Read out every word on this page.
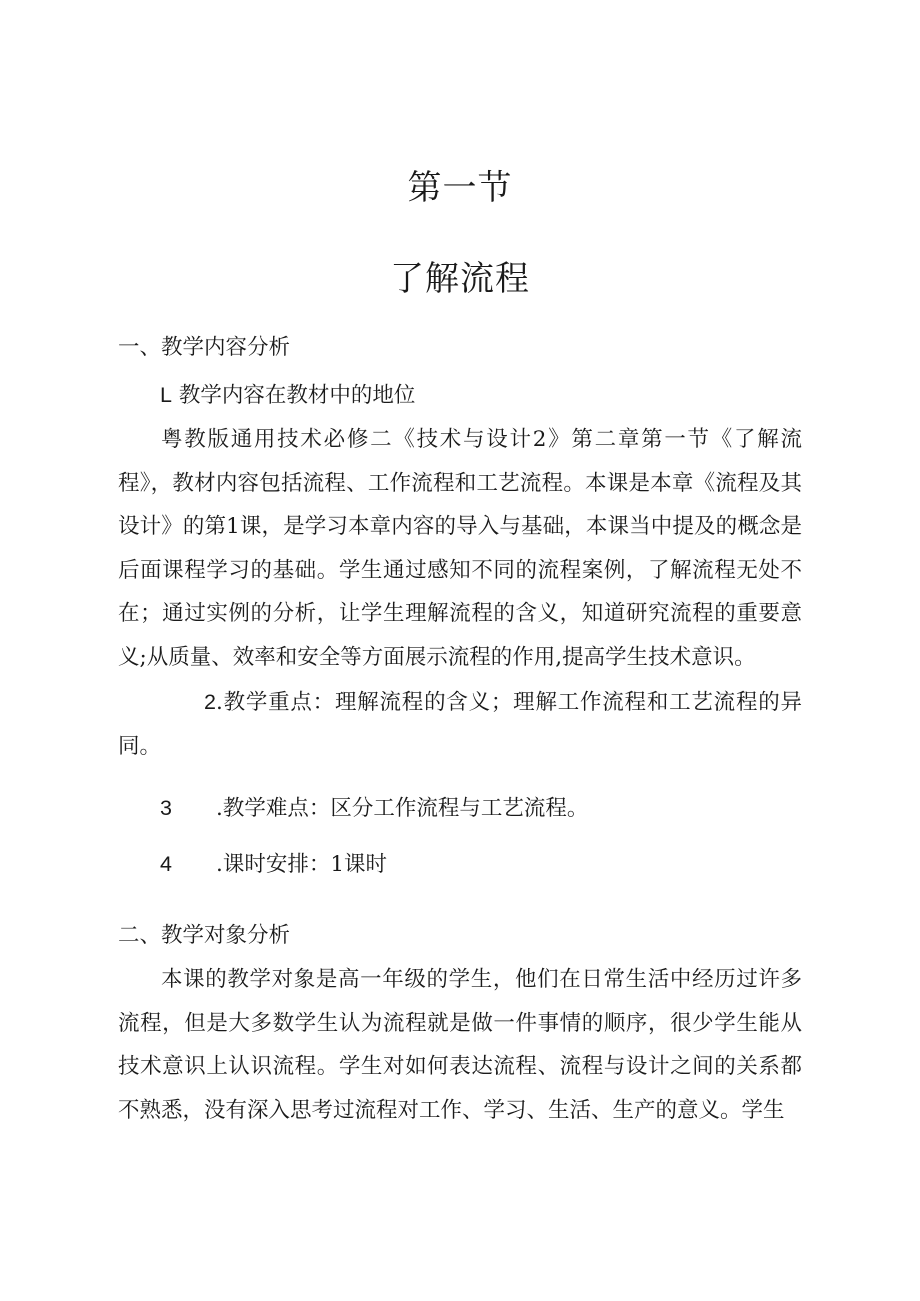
第一节
了解流程
一、教学内容分析
L 教学内容在教材中的地位
粤教版通用技术必修二《技术与设计2》第二章第一节《了解流程》，教材内容包括流程、工作流程和工艺流程。本课是本章《流程及其设计》的第1课，是学习本章内容的导入与基础，本课当中提及的概念是后面课程学习的基础。学生通过感知不同的流程案例，了解流程无处不在；通过实例的分析，让学生理解流程的含义，知道研究流程的重要意义;从质量、效率和安全等方面展示流程的作用,提高学生技术意识。
2.教学重点：理解流程的含义；理解工作流程和工艺流程的异同。
3 .教学难点：区分工作流程与工艺流程。
4 .课时安排：1课时
二、教学对象分析
本课的教学对象是高一年级的学生，他们在日常生活中经历过许多流程，但是大多数学生认为流程就是做一件事情的顺序，很少学生能从技术意识上认识流程。学生对如何表达流程、流程与设计之间的关系都不熟悉，没有深入思考过流程对工作、学习、生活、生产的意义。学生
